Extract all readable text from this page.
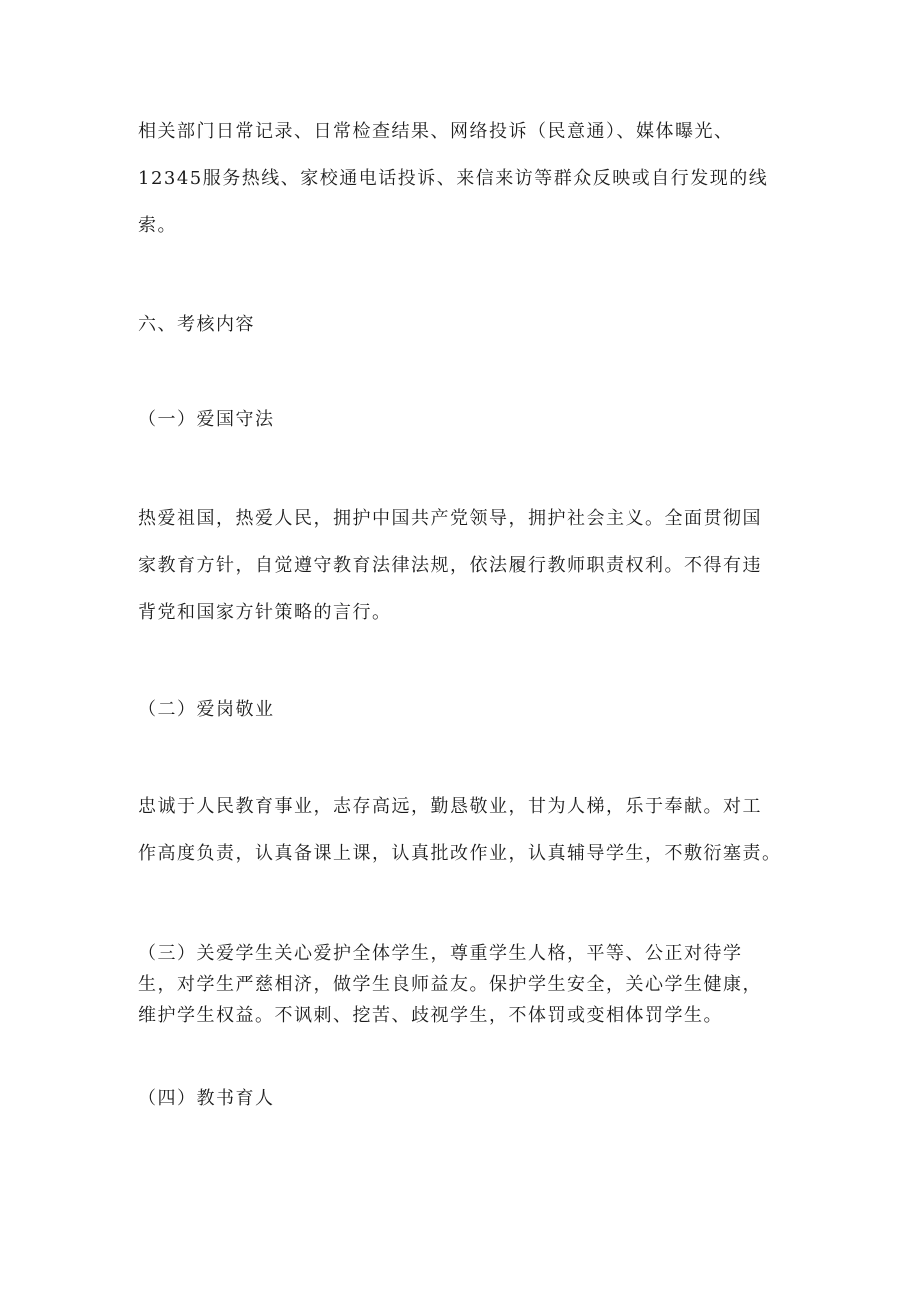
相关部门日常记录、日常检查结果、网络投诉（民意通）、媒体曝光、
12345服务热线、家校通电话投诉、来信来访等群众反映或自行发现的线
索。
六、考核内容
（一）爱国守法
热爱祖国，热爱人民，拥护中国共产党领导，拥护社会主义。全面贯彻国
家教育方针，自觉遵守教育法律法规，依法履行教师职责权利。不得有违
背党和国家方针策略的言行。
（二）爱岗敬业
忠诚于人民教育事业，志存高远，勤恳敬业，甘为人梯，乐于奉献。对工
作高度负责，认真备课上课，认真批改作业，认真辅导学生，不敷衍塞责。
（三）关爱学生关心爱护全体学生，尊重学生人格，平等、公正对待学
生，对学生严慈相济，做学生良师益友。保护学生安全，关心学生健康，
维护学生权益。不讽刺、挖苦、歧视学生，不体罚或变相体罚学生。
（四）教书育人
